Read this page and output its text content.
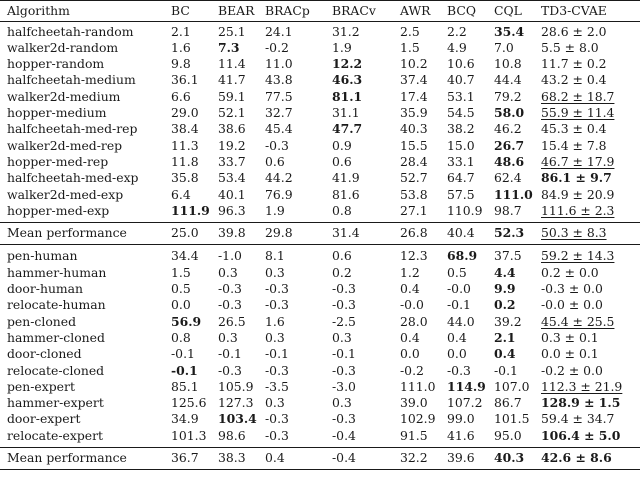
Algorithm	BC BEAR BRACp BRACv AWR BCQ CQL TD3-CVAE
halfcheetah-random	2.1 25.1 24.1	31.2	2.5 2.2 35.4 28.6 ± 2.0
walker2d-random	1.6 7.3 -0.2	1.9	1.5 4.9 7.0 5.5 ± 8.0
hopper-random	9.8 11.4 11.0	12.2	10.2 10.6 10.8 11.7 ± 0.2
halfcheetah-medium	36.1 41.7 43.8	46.3	37.4 40.7 44.4 43.2 ± 0.4
walker2d-medium	6.6 59.1 77.5	81.1	17.4 53.1 79.2 68.2 ± 18.7
hopper-medium	29.0 52.1 32.7	31.1	35.9 54.5 58.0 55.9 ± 11.4
halfcheetah-med-rep	38.4 38.6 45.4	47.7	40.3 38.2 46.2 45.3 ± 0.4
walker2d-med-rep	11.3 19.2 -0.3	0.9	15.5 15.0 26.7 15.4 ± 7.8
hopper-med-rep	11.8 33.7 0.6	0.6	28.4 33.1 48.6 46.7 ± 17.9
halfcheetah-med-exp	35.8 53.4 44.2	41.9	52.7 64.7 62.4 86.1 ± 9.7
walker2d-med-exp	6.4 40.1 76.9	81.6	53.8 57.5 111.0 84.9 ± 20.9
hopper-med-exp	111.9 96.3 1.9	0.8	27.1 110.9 98.7 111.6 ± 2.3
Mean performance	25.0 39.8 29.8	31.4	26.8 40.4 52.3 50.3 ± 8.3
pen-human	34.4 -1.0 8.1	0.6	12.3 68.9 37.5 59.2 ± 14.3
hammer-human	1.5 0.3 0.3	0.2	1.2 0.5 4.4 0.2 ± 0.0
door-human	0.5 -0.3 -0.3	-0.3	0.4 -0.0 9.9 -0.3 ± 0.0
relocate-human	0.0 -0.3 -0.3	-0.3	-0.0 -0.1 0.2 -0.0 ± 0.0
pen-cloned	56.9 26.5 1.6	-2.5	28.0 44.0 39.2 45.4 ± 25.5
hammer-cloned	0.8 0.3 0.3	0.3	0.4 0.4 2.1 0.3 ± 0.1
door-cloned	-0.1 -0.1 -0.1	-0.1	0.0 0.0 0.4 0.0 ± 0.1
relocate-cloned	-0.1 -0.3 -0.3	-0.3	-0.2 -0.3 -0.1 -0.2 ± 0.0
pen-expert	85.1 105.9 -3.5	-3.0	111.0 114.9 107.0 112.3 ± 21.9
hammer-expert	125.6 127.3 0.3	0.3	39.0 107.2 86.7 128.9 ± 1.5
door-expert	34.9 103.4 -0.3	-0.3	102.9 99.0 101.5 59.4 ± 34.7
relocate-expert	101.3 98.6 -0.3	-0.4	91.5 41.6 95.0 106.4 ± 5.0
Mean performance	36.7 38.3 0.4	-0.4	32.2 39.6 40.3 42.6 ± 8.6
